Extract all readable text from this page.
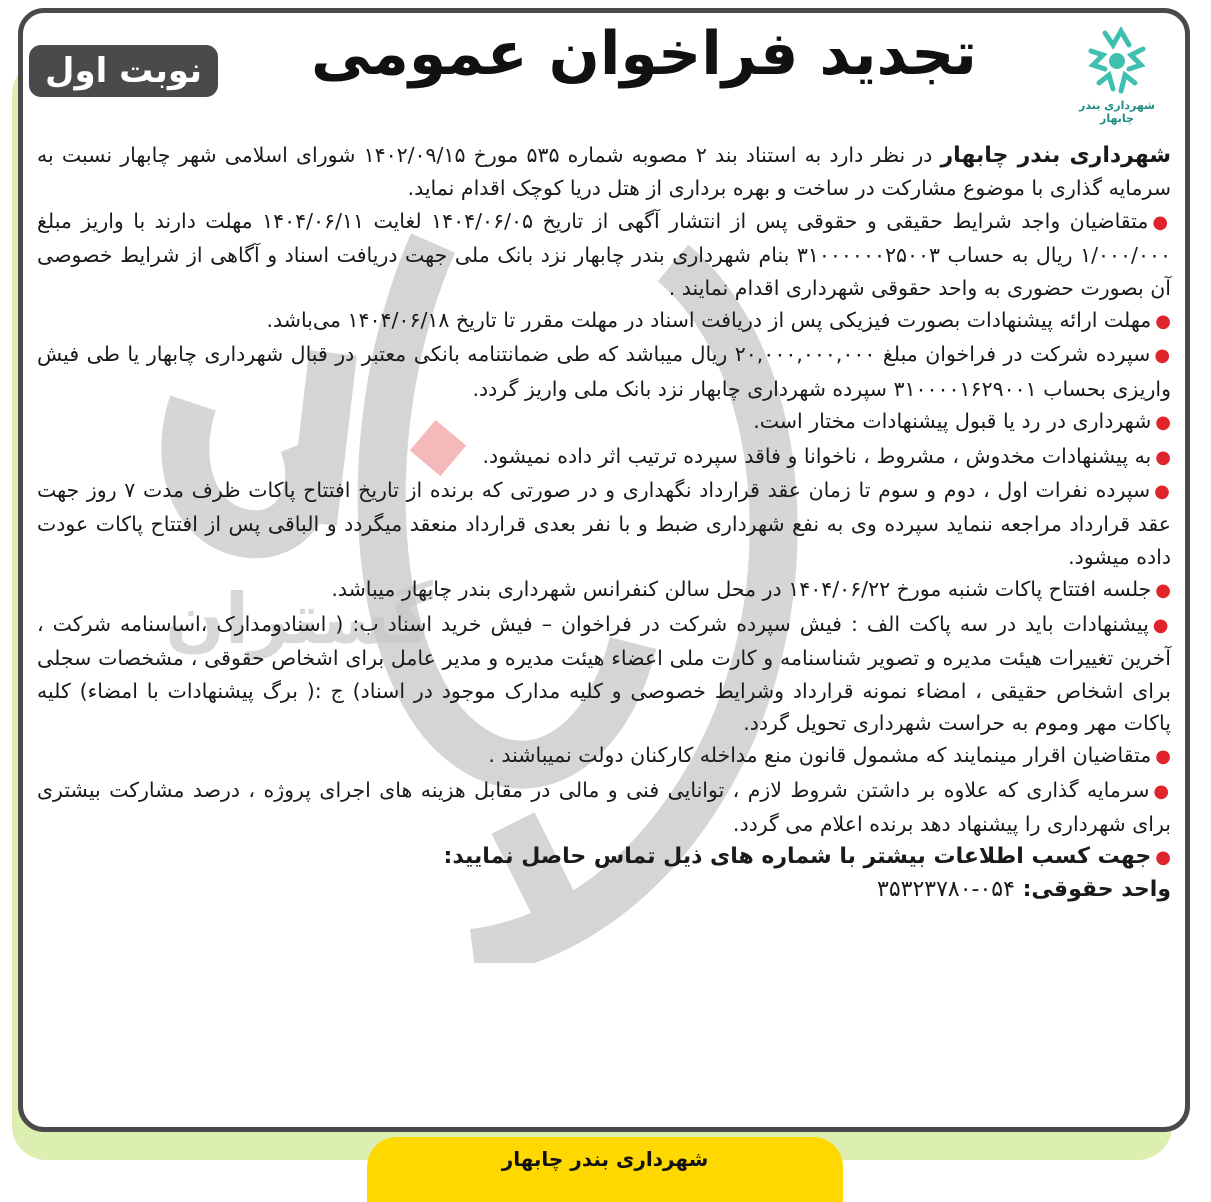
گستران
شهرداری بندر چابهار
تجدید فراخوان عمومی
نوبت اول

شهرداری بندر چابهار در نظر دارد به استناد بند ۲ مصوبه شماره ۵۳۵ مورخ ۱۴۰۲/۰۹/۱۵ شورای اسلامی شهر چابهار نسبت به سرمایه گذاری با موضوع مشارکت در ساخت و بهره برداری از هتل دریا کوچک اقدام نماید.

●متقاضیان واجد شرایط حقیقی و حقوقی پس از انتشار آگهی از تاریخ ۱۴۰۴/۰۶/۰۵ لغایت ۱۴۰۴/۰۶/۱۱ مهلت دارند با واریز مبلغ ۱/۰۰۰/۰۰۰ ریال به حساب ۳۱۰۰۰۰۰۰۲۵۰۰۳ بنام شهرداری بندر چابهار نزد بانک ملی جهت دریافت اسناد و آگاهی از شرایط خصوصی آن بصورت حضوری به واحد حقوقی شهرداری اقدام نمایند .

●مهلت ارائه پیشنهادات بصورت فیزیکی پس از دریافت اسناد در مهلت مقرر تا تاریخ ۱۴۰۴/۰۶/۱۸ می‌باشد.

●سپرده شرکت در فراخوان مبلغ ۲۰,۰۰۰,۰۰۰,۰۰۰ ریال میباشد که طی ضمانتنامه بانکی معتبر در قبال شهرداری چابهار یا طی فیش واریزی بحساب ۳۱۰۰۰۰۱۶۲۹۰۰۱ سپرده شهرداری چابهار نزد بانک ملی واریز گردد.

●شهرداری در رد یا قبول پیشنهادات مختار است.

●به پیشنهادات مخدوش ، مشروط ، ناخوانا و فاقد سپرده ترتیب اثر داده نمیشود.

●سپرده نفرات اول ، دوم و سوم تا زمان عقد قرارداد نگهداری و در صورتی که برنده از تاریخ افتتاح پاکات ظرف مدت ۷ روز جهت عقد قرارداد مراجعه ننماید سپرده وی به نفع شهرداری ضبط و با نفر بعدی قرارداد منعقد میگردد و الباقی پس از افتتاح پاکات عودت داده میشود.

●جلسه افتتاح پاکات شنبه مورخ ۱۴۰۴/۰۶/۲۲ در محل سالن کنفرانس شهرداری بندر چابهار میباشد.

●پیشنهادات باید در سه پاکت الف : فیش سپرده شرکت در فراخوان – فیش خرید اسناد ب: ( اسنادومدارک ،اساسنامه شرکت ، آخرین تغییرات هیئت مدیره و تصویر شناسنامه و کارت ملی اعضاء هیئت مدیره و مدیر عامل برای اشخاص حقوقی ، مشخصات سجلی برای اشخاص حقیقی ، امضاء نمونه قرارداد وشرایط خصوصی و کلیه مدارک موجود در اسناد) ج :( برگ پیشنهادات با امضاء) کلیه پاکات مهر وموم به حراست شهرداری تحویل گردد.

●متقاضیان اقرار مینمایند که مشمول قانون منع مداخله کارکنان دولت نمیباشند .

●سرمایه گذاری که علاوه بر داشتن شروط لازم ، توانایی فنی و مالی در مقابل هزینه های اجرای پروژه ، درصد مشارکت بیشتری برای شهرداری را پیشنهاد دهد برنده اعلام می گردد.

●جهت کسب اطلاعات بیشتر با شماره های ذیل تماس حاصل نمایید:

واحد حقوقی: ۰۵۴-۳۵۳۲۳۷۸۰

شهرداری بندر چابهار
